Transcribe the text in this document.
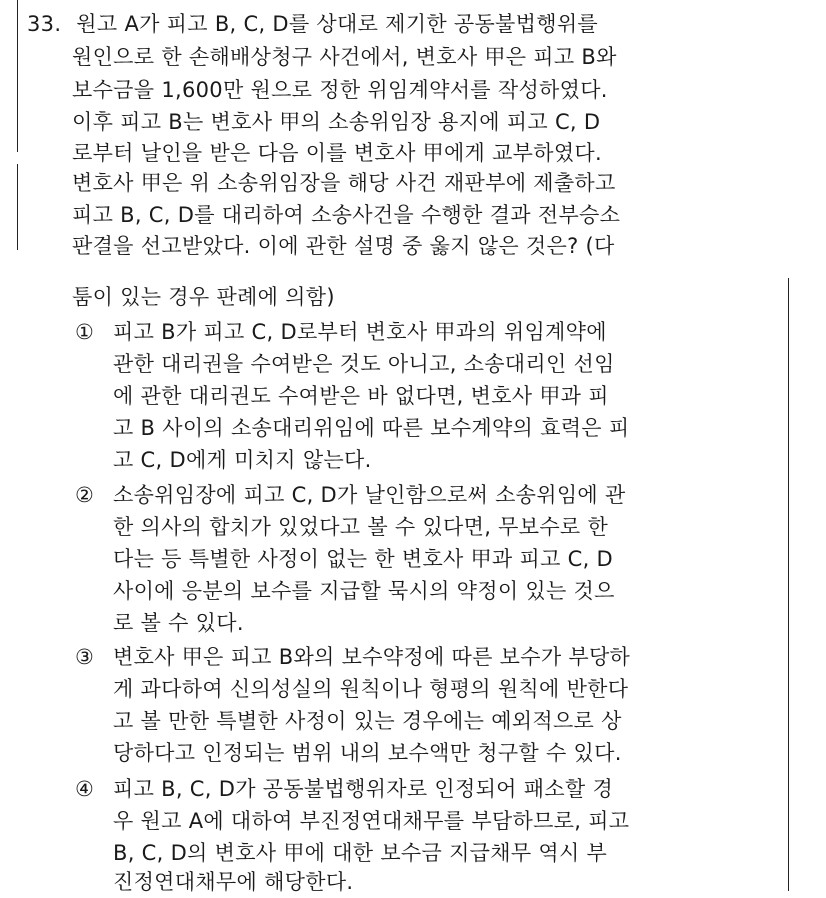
33. 원고 A가 피고 B, C, D를 상대로 제기한 공동불법행위를
원인으로 한 손해배상청구 사건에서, 변호사 甲은 피고 B와
보수금을 1,600만 원으로 정한 위임계약서를 작성하였다.
이후 피고 B는 변호사 甲의 소송위임장 용지에 피고 C, D
로부터 날인을 받은 다음 이를 변호사 甲에게 교부하였다.
변호사 甲은 위 소송위임장을 해당 사건 재판부에 제출하고
피고 B, C, D를 대리하여 소송사건을 수행한 결과 전부승소
판결을 선고받았다. 이에 관한 설명 중 옳지 않은 것은? (다
툼이 있는 경우 판례에 의함)
① 피고 B가 피고 C, D로부터 변호사 甲과의 위임계약에
관한 대리권을 수여받은 것도 아니고, 소송대리인 선임
에 관한 대리권도 수여받은 바 없다면, 변호사 甲과 피
고 B 사이의 소송대리위임에 따른 보수계약의 효력은 피
고 C, D에게 미치지 않는다.
② 소송위임장에 피고 C, D가 날인함으로써 소송위임에 관
한 의사의 합치가 있었다고 볼 수 있다면, 무보수로 한
다는 등 특별한 사정이 없는 한 변호사 甲과 피고 C, D
사이에 응분의 보수를 지급할 묵시의 약정이 있는 것으
로 볼 수 있다.
③ 변호사 甲은 피고 B와의 보수약정에 따른 보수가 부당하
게 과다하여 신의성실의 원칙이나 형평의 원칙에 반한다
고 볼 만한 특별한 사정이 있는 경우에는 예외적으로 상
당하다고 인정되는 범위 내의 보수액만 청구할 수 있다.
④ 피고 B, C, D가 공동불법행위자로 인정되어 패소할 경
우 원고 A에 대하여 부진정연대채무를 부담하므로, 피고
B, C, D의 변호사 甲에 대한 보수금 지급채무 역시 부
진정연대채무에 해당한다.
